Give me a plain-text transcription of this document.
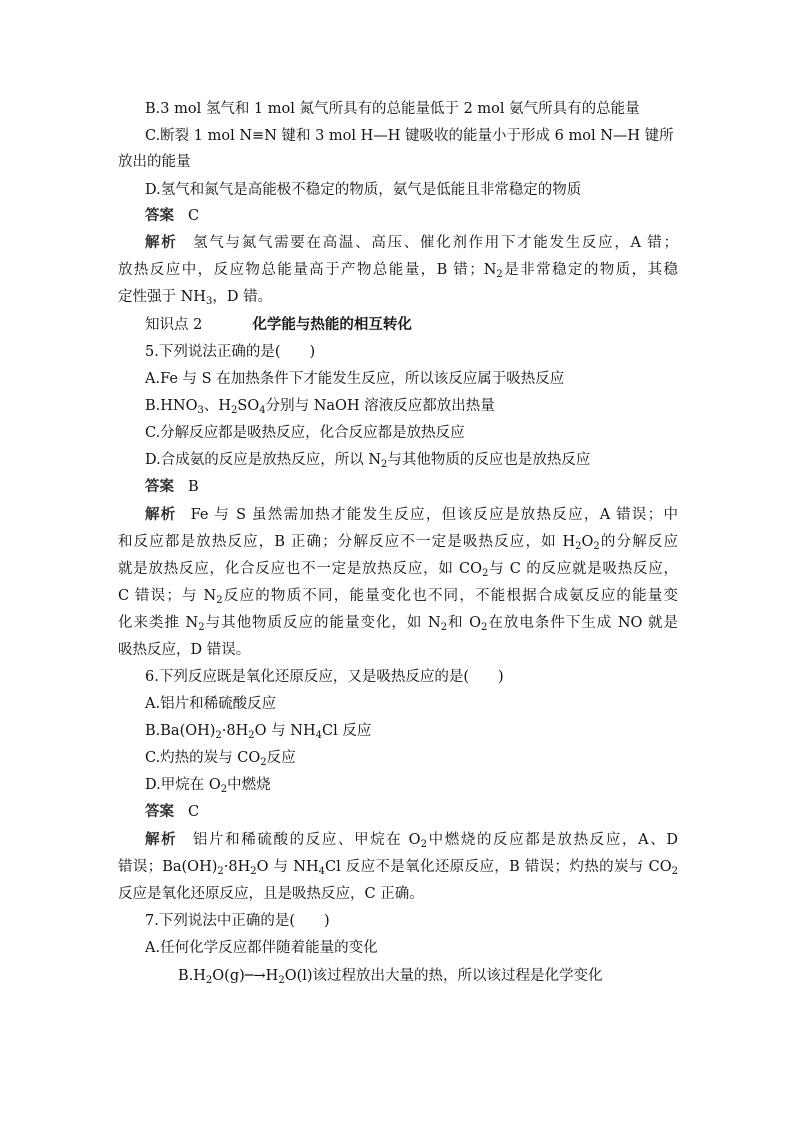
B.3 mol 氢气和 1 mol 氮气所具有的总能量低于 2 mol 氨气所具有的总能量
C.断裂 1 mol N≡N 键和 3 mol H—H 键吸收的能量小于形成 6 mol N—H 键所
放出的能量
D.氢气和氮气是高能极不稳定的物质，氨气是低能且非常稳定的物质
答案 C
解析 氢气与氮气需要在高温、高压、催化剂作用下才能发生反应，A 错；
放热反应中，反应物总能量高于产物总能量，B 错；$N_2$是非常稳定的物质，其稳
定性强于 $NH_3$，D 错。
知识点 2	化学能与热能的相互转化
5.下列说法正确的是(　　)
A.Fe 与 S 在加热条件下才能发生反应，所以该反应属于吸热反应
$B.HNO_3$、$H_2SO_4$分别与 NaOH 溶液反应都放出热量
C.分解反应都是吸热反应，化合反应都是放热反应
D.合成氨的反应是放热反应，所以 $N_2$与其他物质的反应也是放热反应
答案 B
解析 Fe 与 S 虽然需加热才能发生反应，但该反应是放热反应，A 错误；中
和反应都是放热反应，B 正确；分解反应不一定是吸热反应，如 $H_2O_2$的分解反应
就是放热反应，化合反应也不一定是放热反应，如 $CO_2$与 C 的反应就是吸热反应，
C 错误；与 $N_2$反应的物质不同，能量变化也不同，不能根据合成氨反应的能量变
化来类推 $N_2$与其他物质反应的能量变化，如 $N_2$和 $O_2$在放电条件下生成 NO 就是
吸热反应，D 错误。
6.下列反应既是氧化还原反应，又是吸热反应的是(　　)
A.铝片和稀硫酸反应
$B.Ba(OH)_2\cdot 8H_2O$ 与 $NH_4Cl$ 反应
C.灼热的炭与 $CO_2$反应
D.甲烷在 $O_2$中燃烧
答案 C
解析 铝片和稀硫酸的反应、甲烷在 $O_2$中燃烧的反应都是放热反应，A、D
错误；$Ba(OH)_2\cdot 8H_2O$ 与 $NH_4Cl$ 反应不是氧化还原反应，B 错误；灼热的炭与 $CO_2$
反应是氧化还原反应，且是吸热反应，C 正确。
7.下列说法中正确的是(　　)
A.任何化学反应都伴随着能量的变化
$B.H_2O(g)─\to H_2O(l)$该过程放出大量的热，所以该过程是化学变化
